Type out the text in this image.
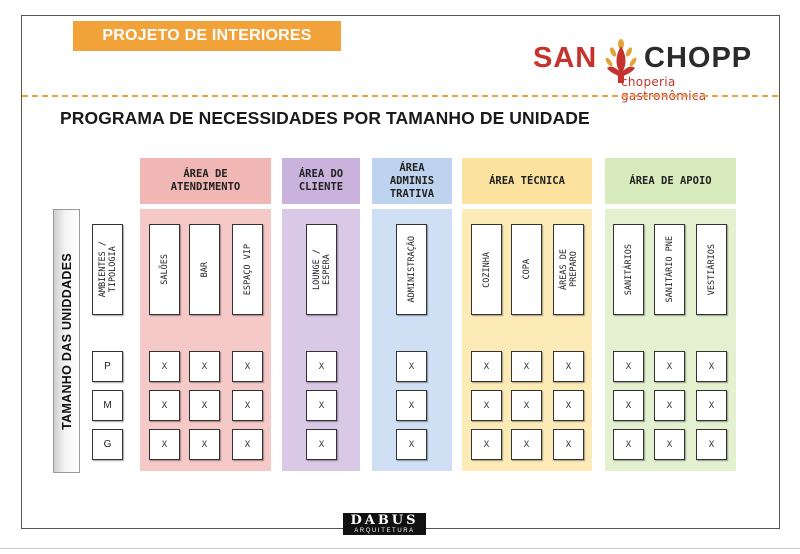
PROJETO DE INTERIORES
SAN CHOPP
choperia gastronômica
PROGRAMA DE NECESSIDADES POR TAMANHO DE UNIDADE
TAMANHO DAS UNIDDADES	AMBIENTES /
TIPOLOGIA
P
M
G
ÁREA DE
ATENDIMENTO
SALÕES
X
X
X
BAR
X
X
X
ESPAÇO VIP
X
X
X
ÁREA DO
CLIENTE
LOUNGE /
ESPERA
X
X
X
ÁREA
ADMINIS
TRATIVA
ADMINISTRAÇÃO
X
X
X
ÁREA TÉCNICA
COZINHA
X
X
X
COPA
X
X
X
ÁREAS DE
PREPARO
X
X
X
ÁREA DE APOIO
SANITÁRIOS
X
X
X
SANITÁRIO PNE
X
X
X
VESTIÁRIOS
X
X
X
DABUS
ARQUITETURA
